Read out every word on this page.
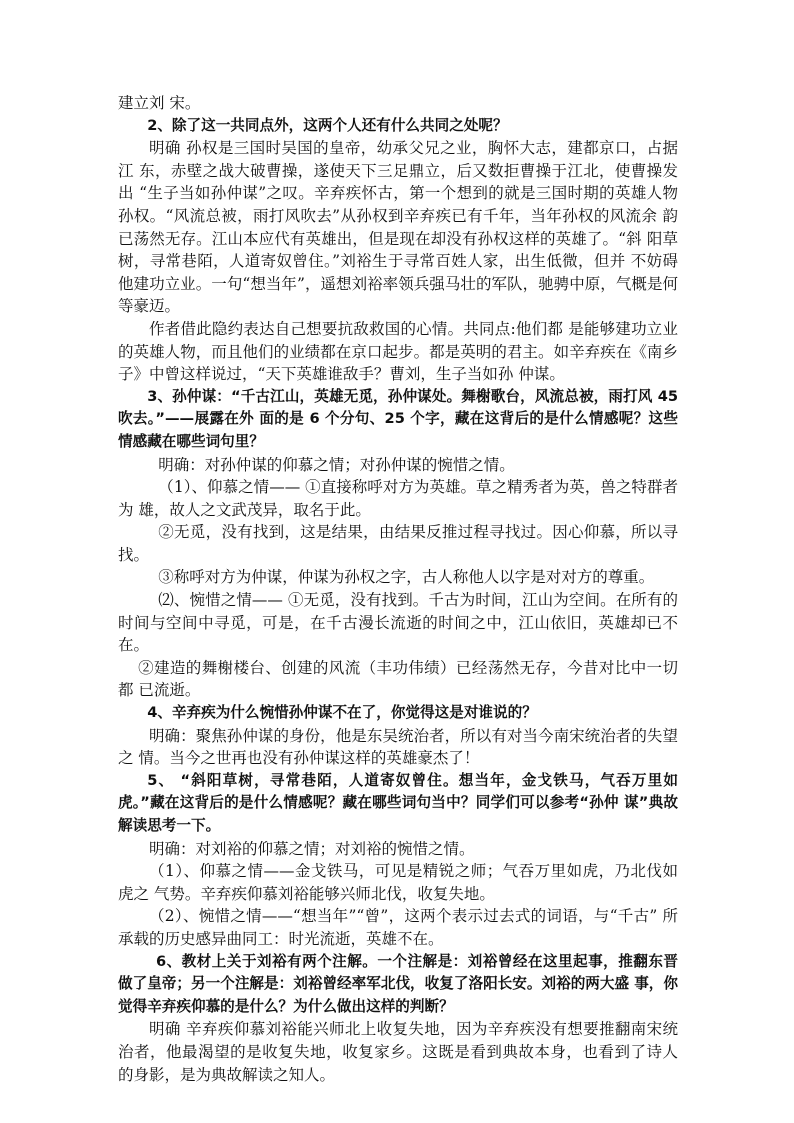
建立刘 宋。

2、除了这一共同点外，这两个人还有什么共同之处呢？

明确 孙权是三国时吴国的皇帝，幼承父兄之业，胸怀大志，建都京口，占据江 东，赤壁之战大破曹操，遂使天下三足鼎立，后又数拒曹操于江北，使曹操发出 “生子当如孙仲谋”之叹。辛弃疾怀古，第一个想到的就是三国时期的英雄人物 孙权。“风流总被，雨打风吹去”从孙权到辛弃疾已有千年，当年孙权的风流余 韵已荡然无存。江山本应代有英雄出，但是现在却没有孙权这样的英雄了。“斜 阳草树，寻常巷陌，人道寄奴曾住。”刘裕生于寻常百姓人家，出生低微，但并 不妨碍他建功立业。一句“想当年”，遥想刘裕率领兵强马壮的军队，驰骋中原，气概是何等豪迈。

作者借此隐约表达自己想要抗敌救国的心情。共同点:他们都 是能够建功立业的英雄人物，而且他们的业绩都在京口起步。都是英明的君主。如辛弃疾在《南乡子》中曾这样说过，“天下英雄谁敌手？曹刘，生子当如孙 仲谋。

3、孙仲谋：“千古江山，英雄无觅，孙仲谋处。舞榭歌台，风流总被，雨打风 45 吹去。”——展露在外 面的是 6 个分句、25 个字，藏在这背后的是什么情感呢？这些情感藏在哪些词句里？

明确：对孙仲谋的仰慕之情；对孙仲谋的惋惜之情。

（1）、仰慕之情—— ①直接称呼对方为英雄。草之精秀者为英，兽之特群者为 雄，故人之文武茂异，取名于此。

②无觅，没有找到，这是结果，由结果反推过程寻找过。因心仰慕，所以寻找。

③称呼对方为仲谋，仲谋为孙权之字，古人称他人以字是对对方的尊重。

⑵、惋惜之情—— ①无觅，没有找到。千古为时间，江山为空间。在所有的 时间与空间中寻觅，可是，在千古漫长流逝的时间之中，江山依旧，英雄却已不 在。

②建造的舞榭楼台、创建的风流（丰功伟绩）已经荡然无存，今昔对比中一切都 已流逝。

4、辛弃疾为什么惋惜孙仲谋不在了，你觉得这是对谁说的？

明确：聚焦孙仲谋的身份，他是东吴统治者，所以有对当今南宋统治者的失望之 情。当今之世再也没有孙仲谋这样的英雄豪杰了！

5、 “斜阳草树，寻常巷陌，人道寄奴曾住。想当年，金戈铁马，气吞万里如 虎。”藏在这背后的是什么情感呢？藏在哪些词句当中？同学们可以参考“孙仲 谋”典故解读思考一下。

明确：对刘裕的仰慕之情；对刘裕的惋惜之情。

（1）、仰慕之情——金戈铁马，可见是精锐之师；气吞万里如虎，乃北伐如虎之 气势。辛弃疾仰慕刘裕能够兴师北伐，收复失地。

（2）、惋惜之情——“想当年”“曾”，这两个表示过去式的词语，与“千古” 所承载的历史感异曲同工：时光流逝，英雄不在。

6、教材上关于刘裕有两个注解。一个注解是：刘裕曾经在这里起事，推翻东晋 做了皇帝；另一个注解是：刘裕曾经率军北伐，收复了洛阳长安。刘裕的两大盛 事，你觉得辛弃疾仰慕的是什么？为什么做出这样的判断？

明确 辛弃疾仰慕刘裕能兴师北上收复失地，因为辛弃疾没有想要推翻南宋统 治者，他最渴望的是收复失地，收复家乡。这既是看到典故本身，也看到了诗人 的身影，是为典故解读之知人。
